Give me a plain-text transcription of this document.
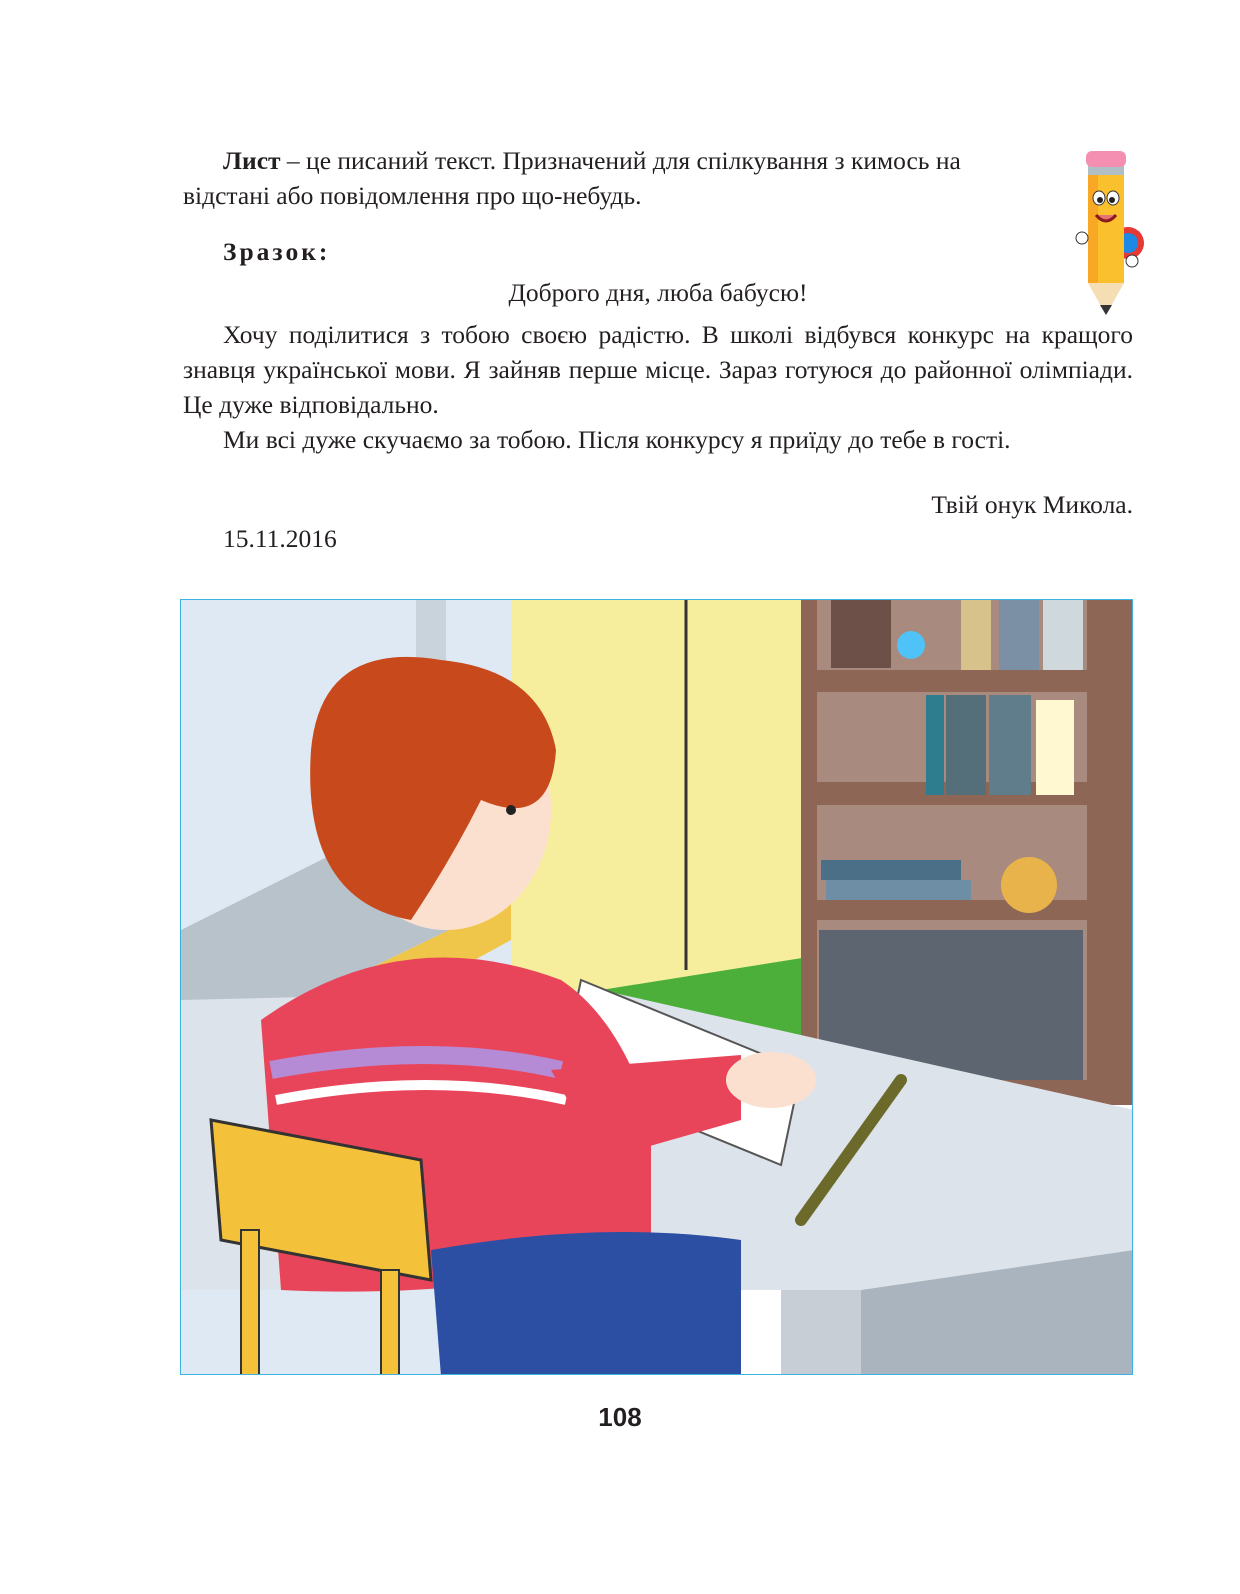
Лист – це писаний текст. Призначений для спілкування з кимось на відстані або повідомлення про що-небудь.

Зразок:
Доброго дня, люба бабусю!

Хочу поділитися з тобою своєю радістю. В школі відбувся конкурс на кращого знавця української мови. Я зайняв перше місце. Зараз готуюся до районної олімпіади. Це дуже відповідально.

Ми всі дуже скучаємо за тобою. Після конкурсу я приїду до тебе в гості.

Твій онук Микола.
15.11.2016
108
